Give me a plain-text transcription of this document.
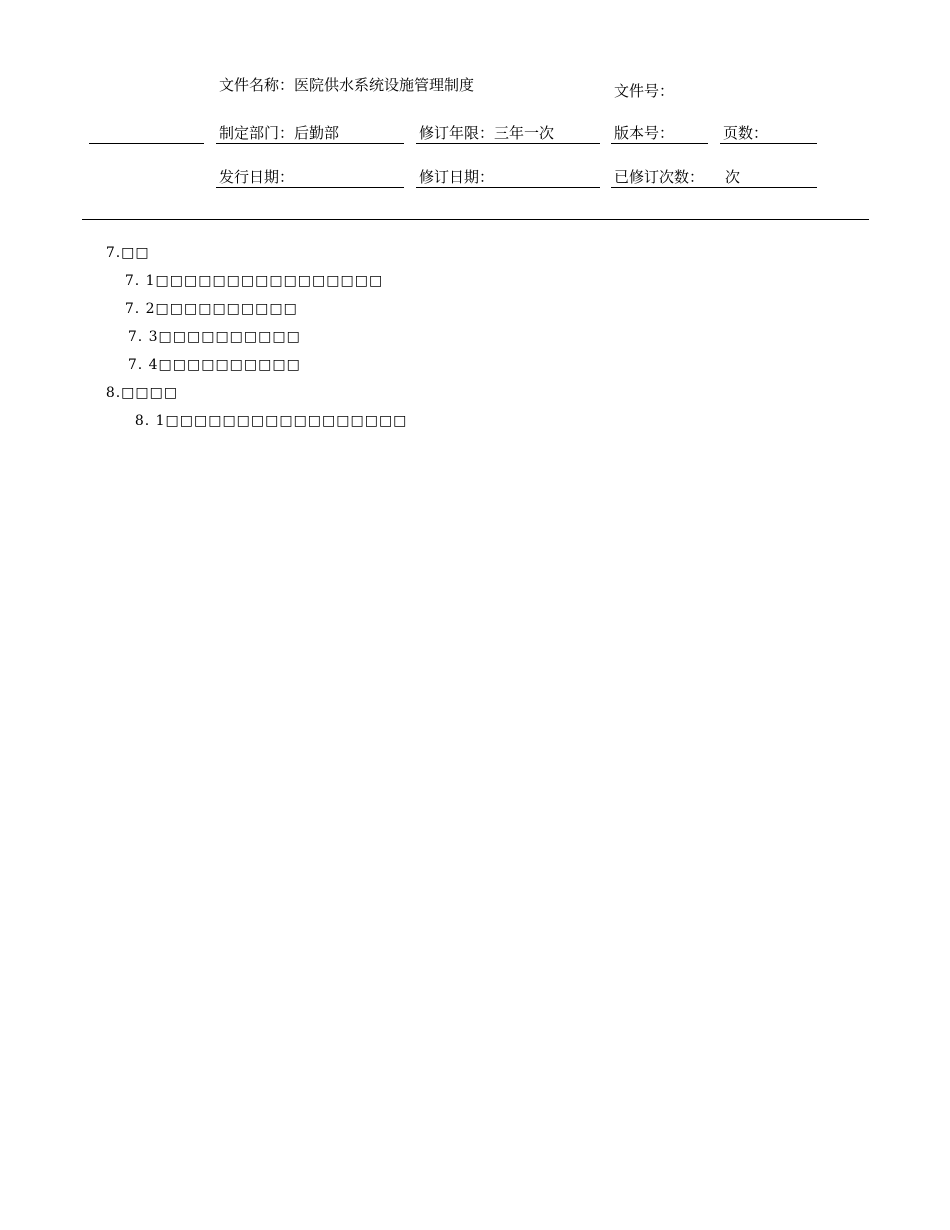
文件名称：医院供水系统设施管理制度	文件号：
制定部门：后勤部	修订年限：三年一次	版本号：	页数：
发行日期：	修订日期：	已修订次数： 次

7.□□

7. 1□□□□□□□□□□□□□□□□

7. 2□□□□□□□□□□

7. 3□□□□□□□□□□

7. 4□□□□□□□□□□

8.□□□□

8. 1□□□□□□□□□□□□□□□□□
